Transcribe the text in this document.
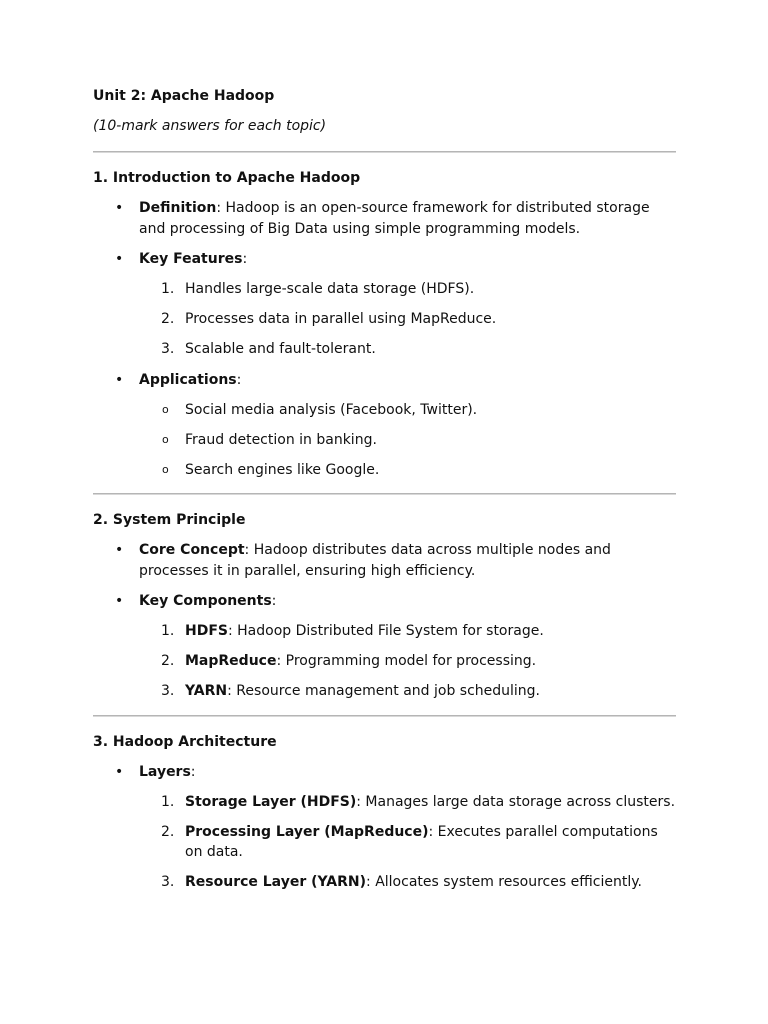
Unit 2: Apache Hadoop

(10-mark answers for each topic)

1. Introduction to Apache Hadoop

• Definition: Hadoop is an open-source framework for distributed storage and processing of Big Data using simple programming models.
• Key Features:
1. Handles large-scale data storage (HDFS).
2. Processes data in parallel using MapReduce.
3. Scalable and fault-tolerant.
• Applications:
o Social media analysis (Facebook, Twitter).
o Fraud detection in banking.
o Search engines like Google.

2. System Principle

• Core Concept: Hadoop distributes data across multiple nodes and processes it in parallel, ensuring high efficiency.
• Key Components:
1. HDFS: Hadoop Distributed File System for storage.
2. MapReduce: Programming model for processing.
3. YARN: Resource management and job scheduling.

3. Hadoop Architecture

• Layers:
1. Storage Layer (HDFS): Manages large data storage across clusters.
2. Processing Layer (MapReduce): Executes parallel computations on data.
3. Resource Layer (YARN): Allocates system resources efficiently.
